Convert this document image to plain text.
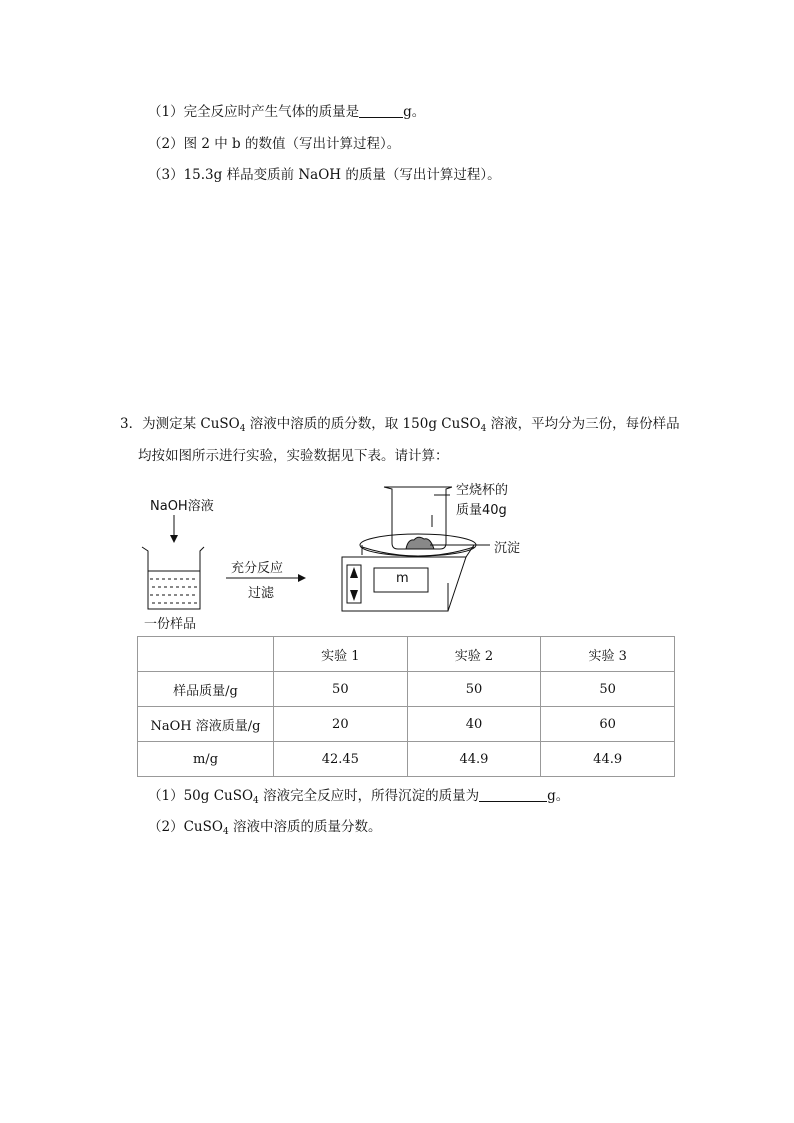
（1）完全反应时产生气体的质量是	g。
（2）图 2 中 b 的数值（写出计算过程）。
（3）15.3g 样品变质前 NaOH 的质量（写出计算过程）。
3．为测定某 CuSO$_4$ 溶液中溶质的质分数，取 150g CuSO$_4$ 溶液，平均分为三份，每份样品
均按如图所示进行实验，实验数据见下表。请计算：
NaOH溶液
一份样品
充分反应
过滤
空烧杯的
质量40g
沉淀
m
	实验 1	实验 2	实验 3
样品质量/g	50	50	50
NaOH 溶液质量/g	20	40	60
m/g	42.45	44.9	44.9
（1）50g CuSO$_4$ 溶液完全反应时，所得沉淀的质量为	g。
（2）CuSO$_4$ 溶液中溶质的质量分数。
